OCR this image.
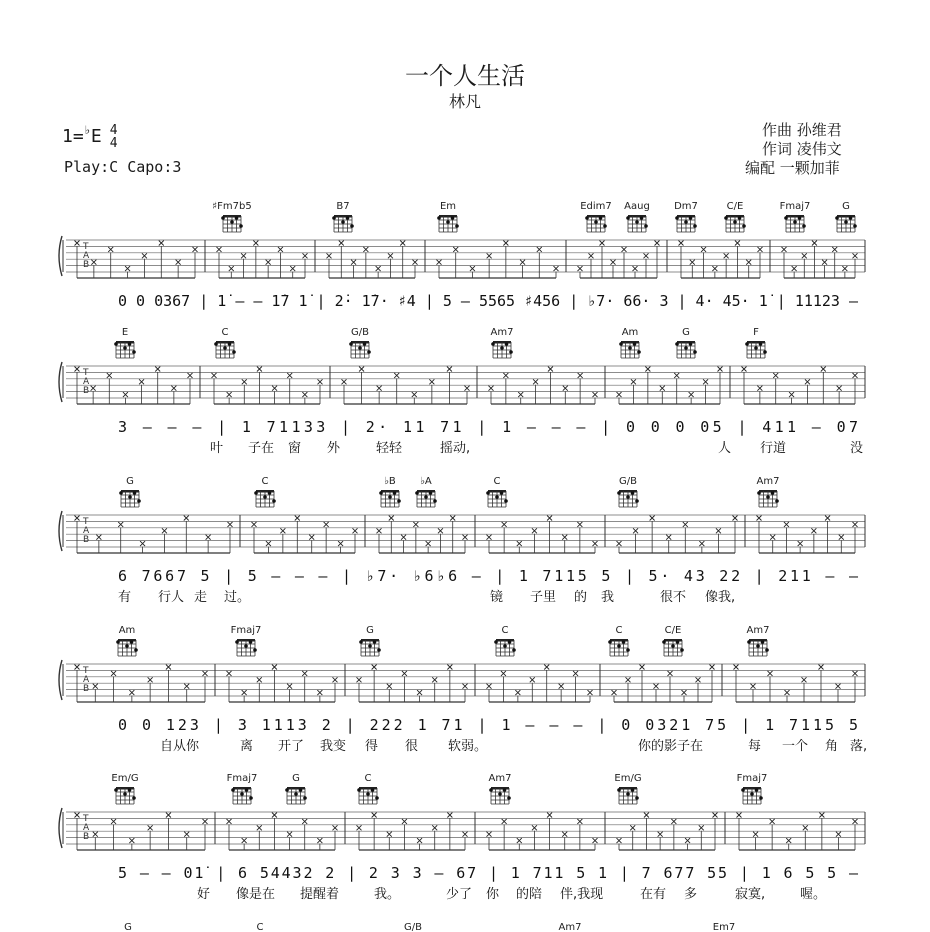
一个人生活
林凡
1=♭E 4
4
Play:C Capo:3
作曲 孙维君
作词 凌伟文
编配 一颗加菲
T
A
B
♯Fm7b5	B7	Em	Edim7 Aaug Dm7	C/E	Fmaj7	G
0 0 0367 | 1̇ – – 1̇7 1̇ | 2̇· 1̇7· ♯4 | 5 – 5565 ♯456 | ♭7· 66· 3 | 4· 45· 1̇ | 1̇1123 –
T
A
B
E	C	G/B	Am7	Am	G	F
3 – – – | 1 71133 | 2· 11 71 | 1 – – – | 0 0 0 05 | 411 – 07
叶 子在 窗 外	轻轻	摇动,	人 行道	没
T
A
B
G	C	♭B ♭A	C	G/B	Am7
6 7667 5 | 5 – – – | ♭7· ♭6♭6 – | 1 7115 5 | 5· 43 22 | 211 – –
有 行人 走 过。	镜 子里 的 我	很不 像我,
T
A
B
Am	Fmaj7	G	C	C	C/E	Am7
0 0 123 | 3 1113 2 | 222 1 71 | 1 – – – | 0 0321 75 | 1 7115 5
自从你	离 开了 我变 得 很 软弱。	你的影子在	每 一个 角 落,
T
A
B
Em/G	Fmaj7	G	C	Am7	Em/G	Fmaj7
5 – – 01̇ | 6 54432 2 | 2 3 3 – 67 | 1 711 5 1 | 7 677 55 | 1 6 5 5 –
好 像是在 提醒着	我。	少了 你 的陪 伴,我现	在有 多	寂寞,	喔。
G	C	G/B	Am7	Em7
